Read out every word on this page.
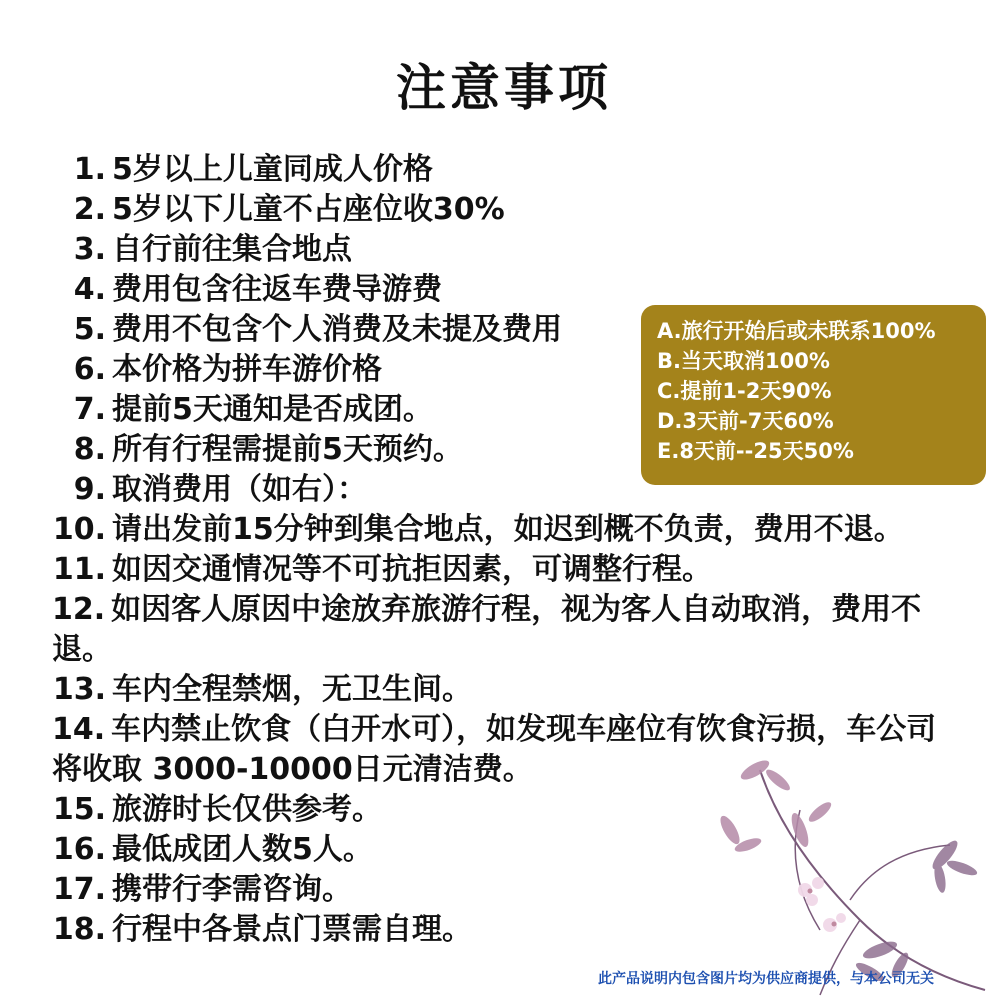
注意事项
1. 5岁以上儿童同成人价格
2. 5岁以下儿童不占座位收30%
3. 自行前往集合地点
4. 费用包含往返车费导游费
5. 费用不包含个人消费及未提及费用
6. 本价格为拼车游价格
7. 提前5天通知是否成团。
8. 所有行程需提前5天预约。
9. 取消费用（如右）：
10. 请出发前15分钟到集合地点，如迟到概不负责，费用不退。
11. 如因交通情况等不可抗拒因素，可调整行程。
12. 如因客人原因中途放弃旅游行程，视为客人自动取消，费用不退。
13. 车内全程禁烟，无卫生间。
14. 车内禁止饮食（白开水可），如发现车座位有饮食污损，车公司将收取 3000-10000日元清洁费。
15. 旅游时长仅供参考。
16. 最低成团人数5人。
17. 携带行李需咨询。
18. 行程中各景点门票需自理。
A.旅行开始后或未联系100%
B.当天取消100%
C.提前1-2天90%
D.3天前-7天60%
E.8天前--25天50%
此产品说明内包含图片均为供应商提供，与本公司无关
